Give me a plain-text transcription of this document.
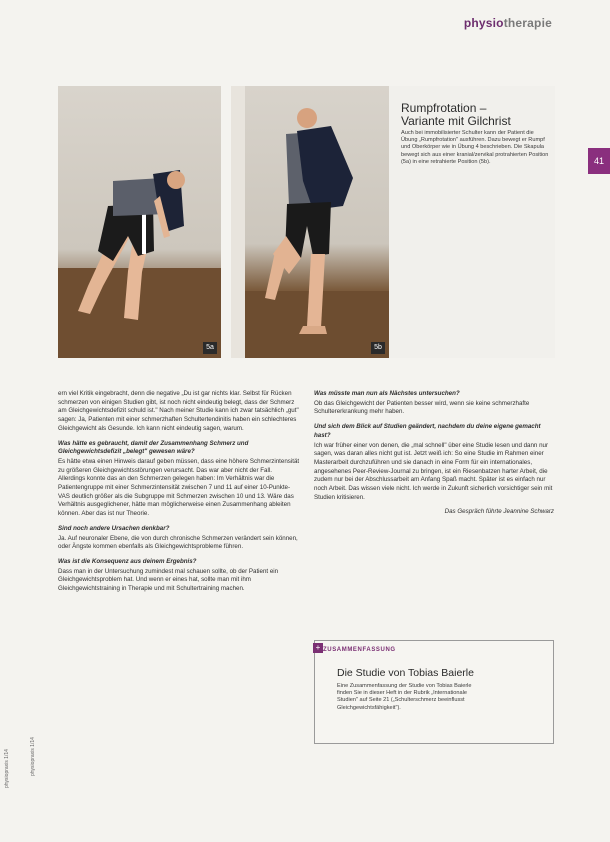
physiotherapie
41
5a	5b
Rumpfrotation –
Variante mit Gilchrist
Auch bei immobilisierter Schulter kann der Patient die Übung „Rumpfrotation" ausführen. Dazu bewegt er Rumpf und Oberkörper wie in Übung 4 beschrieben. Die Skapula bewegt sich aus einer kranial/zervikal protrahierten Position (5a) in eine retrahierte Position (5b).

ern viel Kritik eingebracht, denn die negative „Du ist gar nichts klar. Selbst für Rücken schmerzen von einigen Studien gibt, ist noch nicht eindeutig belegt, dass der Schmerz am Gleichgewichtsdefizit schuld ist." Nach meiner Studie kann ich zwar tatsächlich „gut" sagen: Ja, Patienten mit einer schmerzhaften Schultertendinitis haben ein schlechteres Gleichgewicht als Gesunde. Ich kann nicht eindeutig sagen, warum.

Was hätte es gebraucht, damit der Zusammenhang Schmerz und Gleichgewichtsdefizit „belegt" gewesen wäre?

Es hätte etwa einen Hinweis darauf geben müssen, dass eine höhere Schmerzintensität zu größeren Gleichgewichtsstörungen verursacht. Das war aber nicht der Fall. Allerdings konnte das an den Schmerzen gelegen haben: Im Verhältnis war die Patientengruppe mit einer Schmerzintensität zwischen 7 und 11 auf einer 10-Punkte-VAS deutlich größer als die Subgruppe mit Schmerzen zwischen 10 und 13. Wäre das Verhältnis ausgeglichener, hätte man möglicherweise einen Zusammenhang ableiten können. Aber das ist nur Theorie.

Sind noch andere Ursachen denkbar?

Ja. Auf neuronaler Ebene, die von durch chronische Schmerzen verändert sein können, oder Ängste kommen ebenfalls als Gleichgewichtsprobleme führen.

Was ist die Konsequenz aus deinem Ergebnis?

Dass man in der Untersuchung zumindest mal schauen sollte, ob der Patient ein Gleichgewichtsproblem hat. Und wenn er eines hat, sollte man mit ihm Gleichgewichtstraining in Therapie und mit Schultertraining machen.

Was müsste man nun als Nächstes untersuchen?

Ob das Gleichgewicht der Patienten besser wird, wenn sie keine schmerzhafte Schultererkrankung mehr haben.

Und sich dem Blick auf Studien geändert, nachdem du deine eigene gemacht hast?

Ich war früher einer von denen, die „mal schnell" über eine Studie lesen und dann nur sagen, was daran alles nicht gut ist. Jetzt weiß ich: So eine Studie im Rahmen einer Masterarbeit durchzuführen und sie danach in eine Form für ein internationales, angesehenes Peer-Review-Journal zu bringen, ist ein Riesenbatzen harter Arbeit, die zudem nur bei der Abschlussarbeit am Anfang Spaß macht. Später ist es einfach nur noch Arbeit. Das wissen viele nicht. Ich werde in Zukunft sicherlich vorsichtiger sein mit Studien kritisieren.

Das Gespräch führte Jeannine Schwarz

+ ZUSAMMENFASSUNG
Die Studie von Tobias Baierle
Eine Zusammenfassung der Studie von Tobias Baierle finden Sie in dieser Heft in der Rubrik „Internationale Studien" auf Seite 21 („Schulterschmerz beeinflusst Gleichgewichtsfähigkeit").
physiopraxis 1/14	physiopraxis 1/14
